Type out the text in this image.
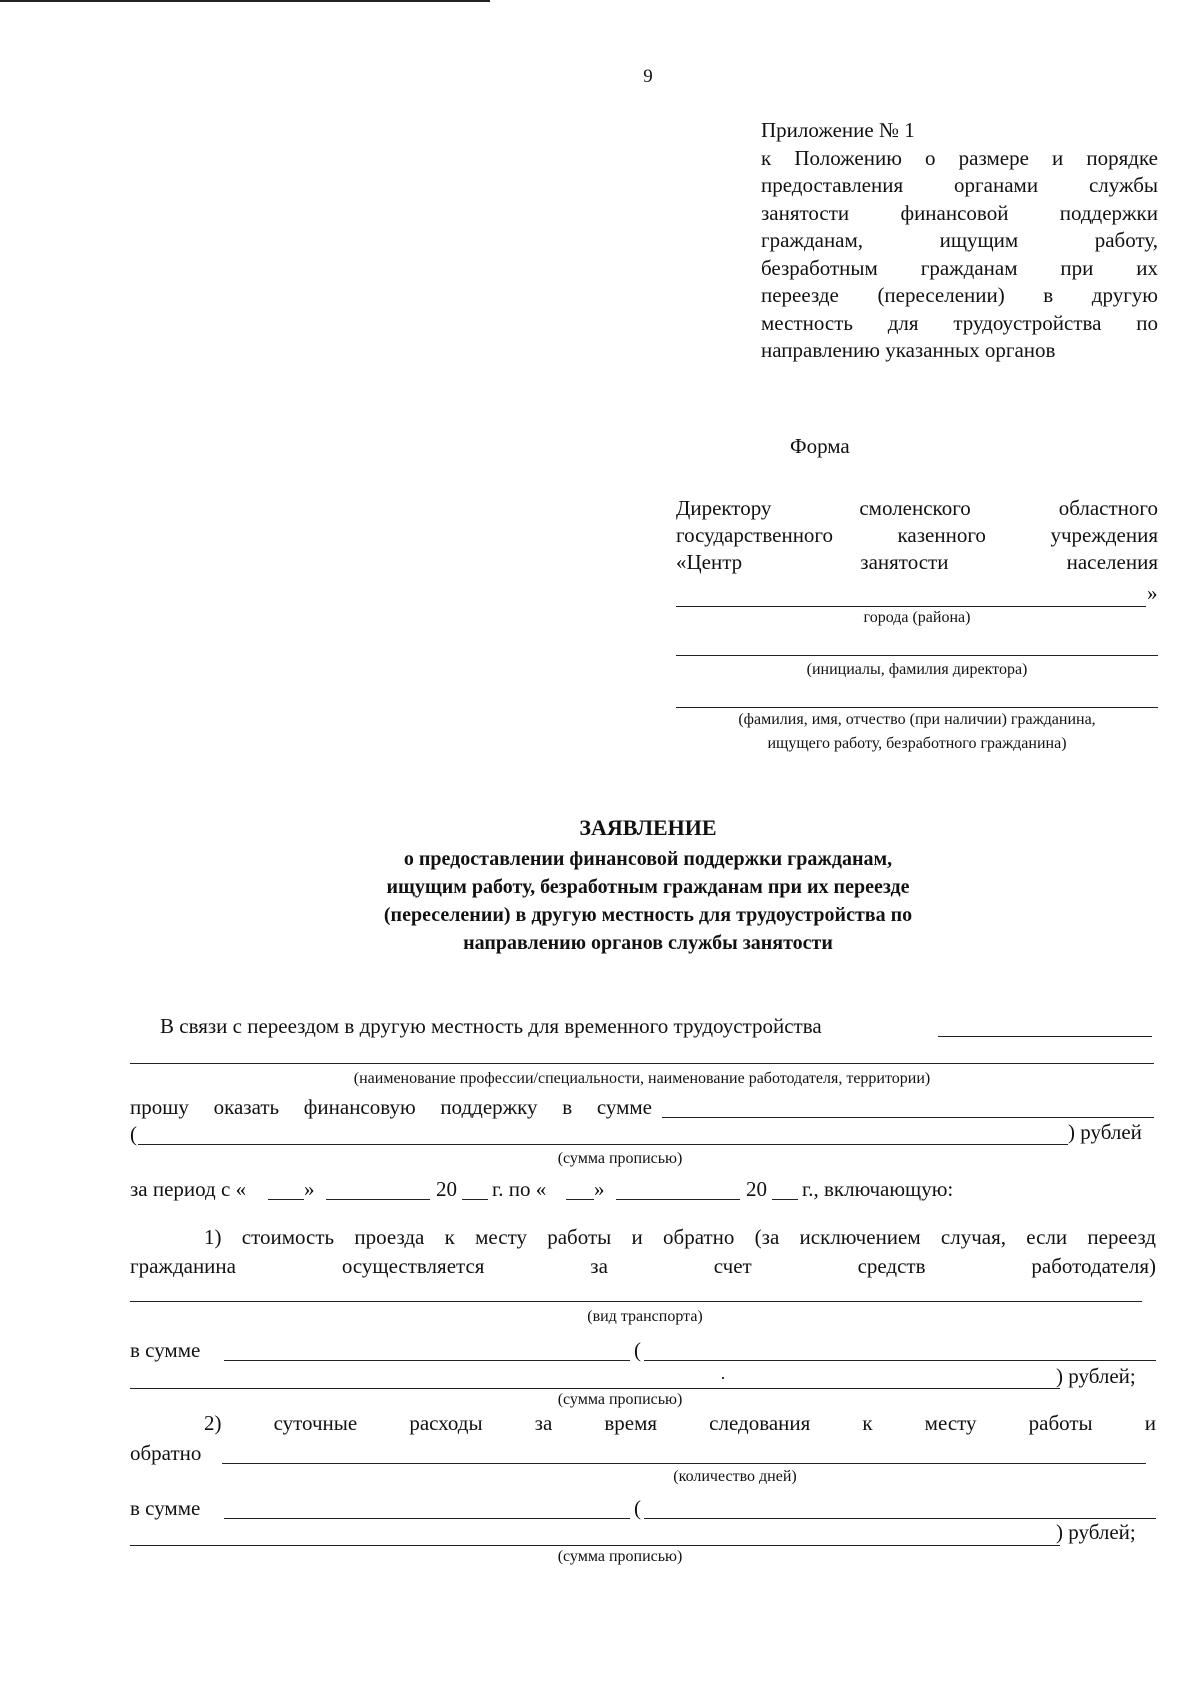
9
Приложение № 1
к Положению о размере и порядке
предоставления органами службы
занятости финансовой поддержки
гражданам, ищущим работу,
безработным гражданам при их
переезде (переселении) в другую
местность для трудоустройства по
направлению указанных органов
Форма
Директору смоленского областного
государственного казенного учреждения
«Центр занятости населения
»
города (района)
(инициалы, фамилия директора)
(фамилия, имя, отчество (при наличии) гражданина,
ищущего работу, безработного гражданина)
ЗАЯВЛЕНИЕ
о предоставлении финансовой поддержки гражданам,
ищущим работу, безработным гражданам при их переезде
(переселении) в другую местность для трудоустройства по
направлению органов службы занятости
В связи с переездом в другую местность для временного трудоустройства
(наименование профессии/специальности, наименование работодателя, территории)
прошу оказать финансовую поддержку в сумме
(	) рублей
(сумма прописью)
за период с «	»	20 г. по « »	20 г., включающую:
1) стоимость проезда к месту работы и обратно (за исключением случая, если переезд
гражданина осуществляется за счет средств работодателя)
(вид транспорта)
в сумме	(
) рублей;
(сумма прописью)
2) суточные расходы за время следования к месту работы и
обратно
(количество дней)
в сумме	(
) рублей;
(сумма прописью)
